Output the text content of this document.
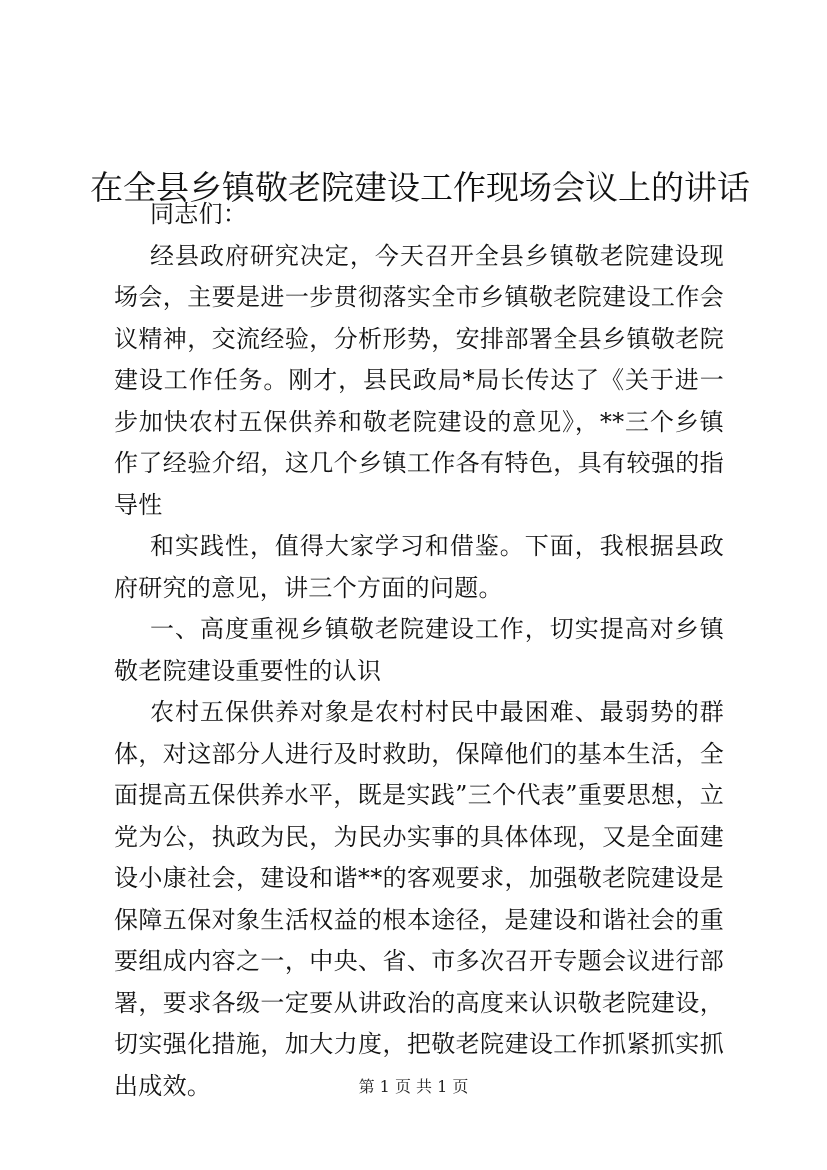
在全县乡镇敬老院建设工作现场会议上的讲话

同志们：

经县政府研究决定，今天召开全县乡镇敬老院建设现场会，主要是进一步贯彻落实全市乡镇敬老院建设工作会议精神，交流经验，分析形势，安排部署全县乡镇敬老院建设工作任务。刚才，县民政局*局长传达了《关于进一步加快农村五保供养和敬老院建设的意见》，**三个乡镇作了经验介绍，这几个乡镇工作各有特色，具有较强的指导性

和实践性，值得大家学习和借鉴。下面，我根据县政府研究的意见，讲三个方面的问题。

一、高度重视乡镇敬老院建设工作，切实提高对乡镇敬老院建设重要性的认识

农村五保供养对象是农村村民中最困难、最弱势的群体，对这部分人进行及时救助，保障他们的基本生活，全面提高五保供养水平，既是实践”三个代表”重要思想，立党为公，执政为民，为民办实事的具体体现，又是全面建设小康社会，建设和谐**的客观要求，加强敬老院建设是保障五保对象生活权益的根本途径，是建设和谐社会的重要组成内容之一，中央、省、市多次召开专题会议进行部署，要求各级一定要从讲政治的高度来认识敬老院建设，切实强化措施，加大力度，把敬老院建设工作抓紧抓实抓出成效。	第 1 页 共 1 页
